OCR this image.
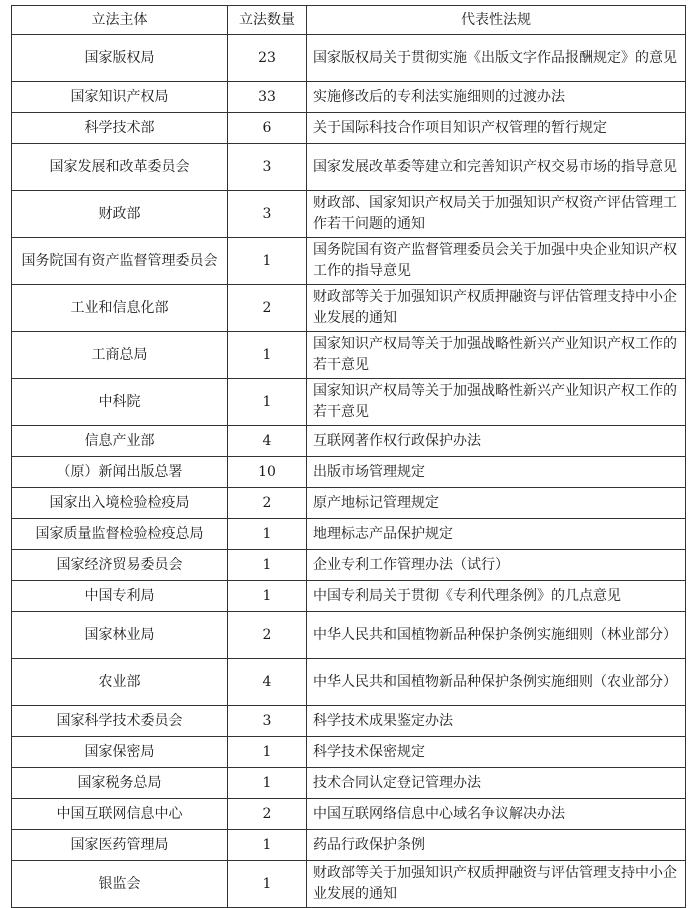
立法主体	立法数量	代表性法规
国家版权局	23	国家版权局关于贯彻实施《出版文字作品报酬规定》的意见
国家知识产权局	33	实施修改后的专利法实施细则的过渡办法
科学技术部	6	关于国际科技合作项目知识产权管理的暂行规定
国家发展和改革委员会	3	国家发展改革委等建立和完善知识产权交易市场的指导意见
财政部	3	财政部、国家知识产权局关于加强知识产权资产评估管理工作若干问题的通知
国务院国有资产监督管理委员会	1	国务院国有资产监督管理委员会关于加强中央企业知识产权工作的指导意见
工业和信息化部	2	财政部等关于加强知识产权质押融资与评估管理支持中小企业发展的通知
工商总局	1	国家知识产权局等关于加强战略性新兴产业知识产权工作的若干意见
中科院	1	国家知识产权局等关于加强战略性新兴产业知识产权工作的若干意见
信息产业部	4	互联网著作权行政保护办法
（原）新闻出版总署	10	出版市场管理规定
国家出入境检验检疫局	2	原产地标记管理规定
国家质量监督检验检疫总局	1	地理标志产品保护规定
国家经济贸易委员会	1	企业专利工作管理办法（试行）
中国专利局	1	中国专利局关于贯彻《专利代理条例》的几点意见
国家林业局	2	中华人民共和国植物新品种保护条例实施细则（林业部分）
农业部	4	中华人民共和国植物新品种保护条例实施细则（农业部分）
国家科学技术委员会	3	科学技术成果鉴定办法
国家保密局	1	科学技术保密规定
国家税务总局	1	技术合同认定登记管理办法
中国互联网信息中心	2	中国互联网络信息中心域名争议解决办法
国家医药管理局	1	药品行政保护条例
银监会	1	财政部等关于加强知识产权质押融资与评估管理支持中小企业发展的通知
